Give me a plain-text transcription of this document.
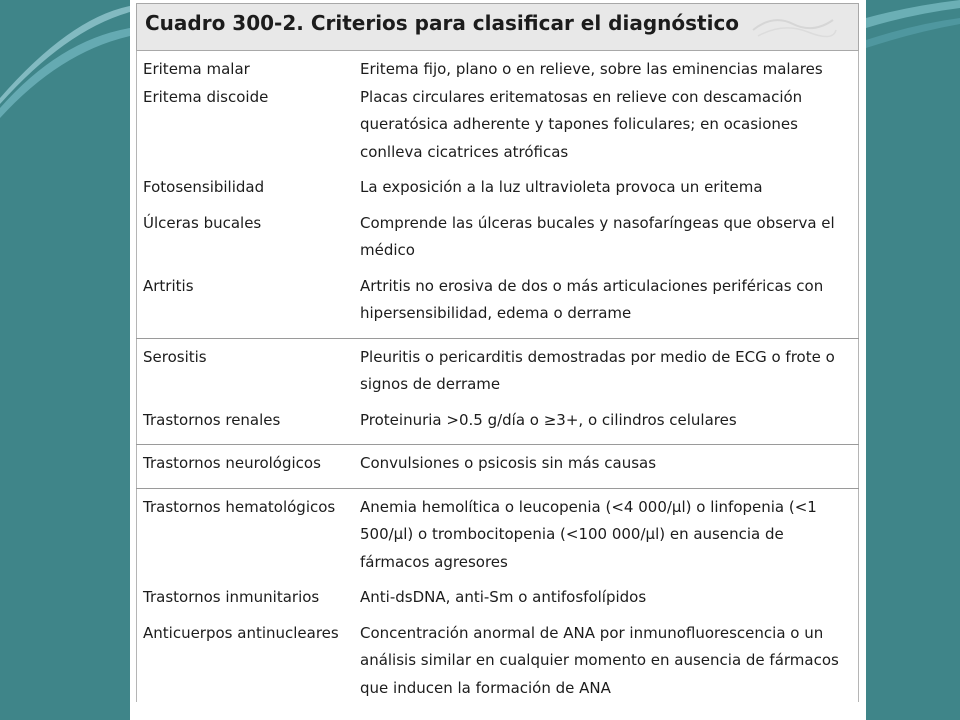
Cuadro 300-2. Criterios para clasificar el diagnóstico	

Eritema malar	Eritema fijo, plano o en relieve, sobre las eminencias malares
Eritema discoide	Placas circulares eritematosas en relieve con descamación queratósica adherente y tapones foliculares; en ocasiones conlleva cicatrices atróficas
Fotosensibilidad	La exposición a la luz ultravioleta provoca un eritema
Úlceras bucales	Comprende las úlceras bucales y nasofaríngeas que observa el médico
Artritis	Artritis no erosiva de dos o más articulaciones periféricas con hipersensibilidad, edema o derrame
Serositis	Pleuritis o pericarditis demostradas por medio de ECG o frote o signos de derrame
Trastornos renales	Proteinuria >0.5 g/día o ≥3+, o cilindros celulares
Trastornos neurológicos	Convulsiones o psicosis sin más causas
Trastornos hematológicos	Anemia hemolítica o leucopenia (<4 000/μl) o linfopenia (<1 500/μl) o trombocitopenia (<100 000/μl) en ausencia de fármacos agresores
Trastornos inmunitarios	Anti-dsDNA, anti-Sm o antifosfolípidos
Anticuerpos antinucleares	Concentración anormal de ANA por inmunofluorescencia o un análisis similar en cualquier momento en ausencia de fármacos que inducen la formación de ANA
